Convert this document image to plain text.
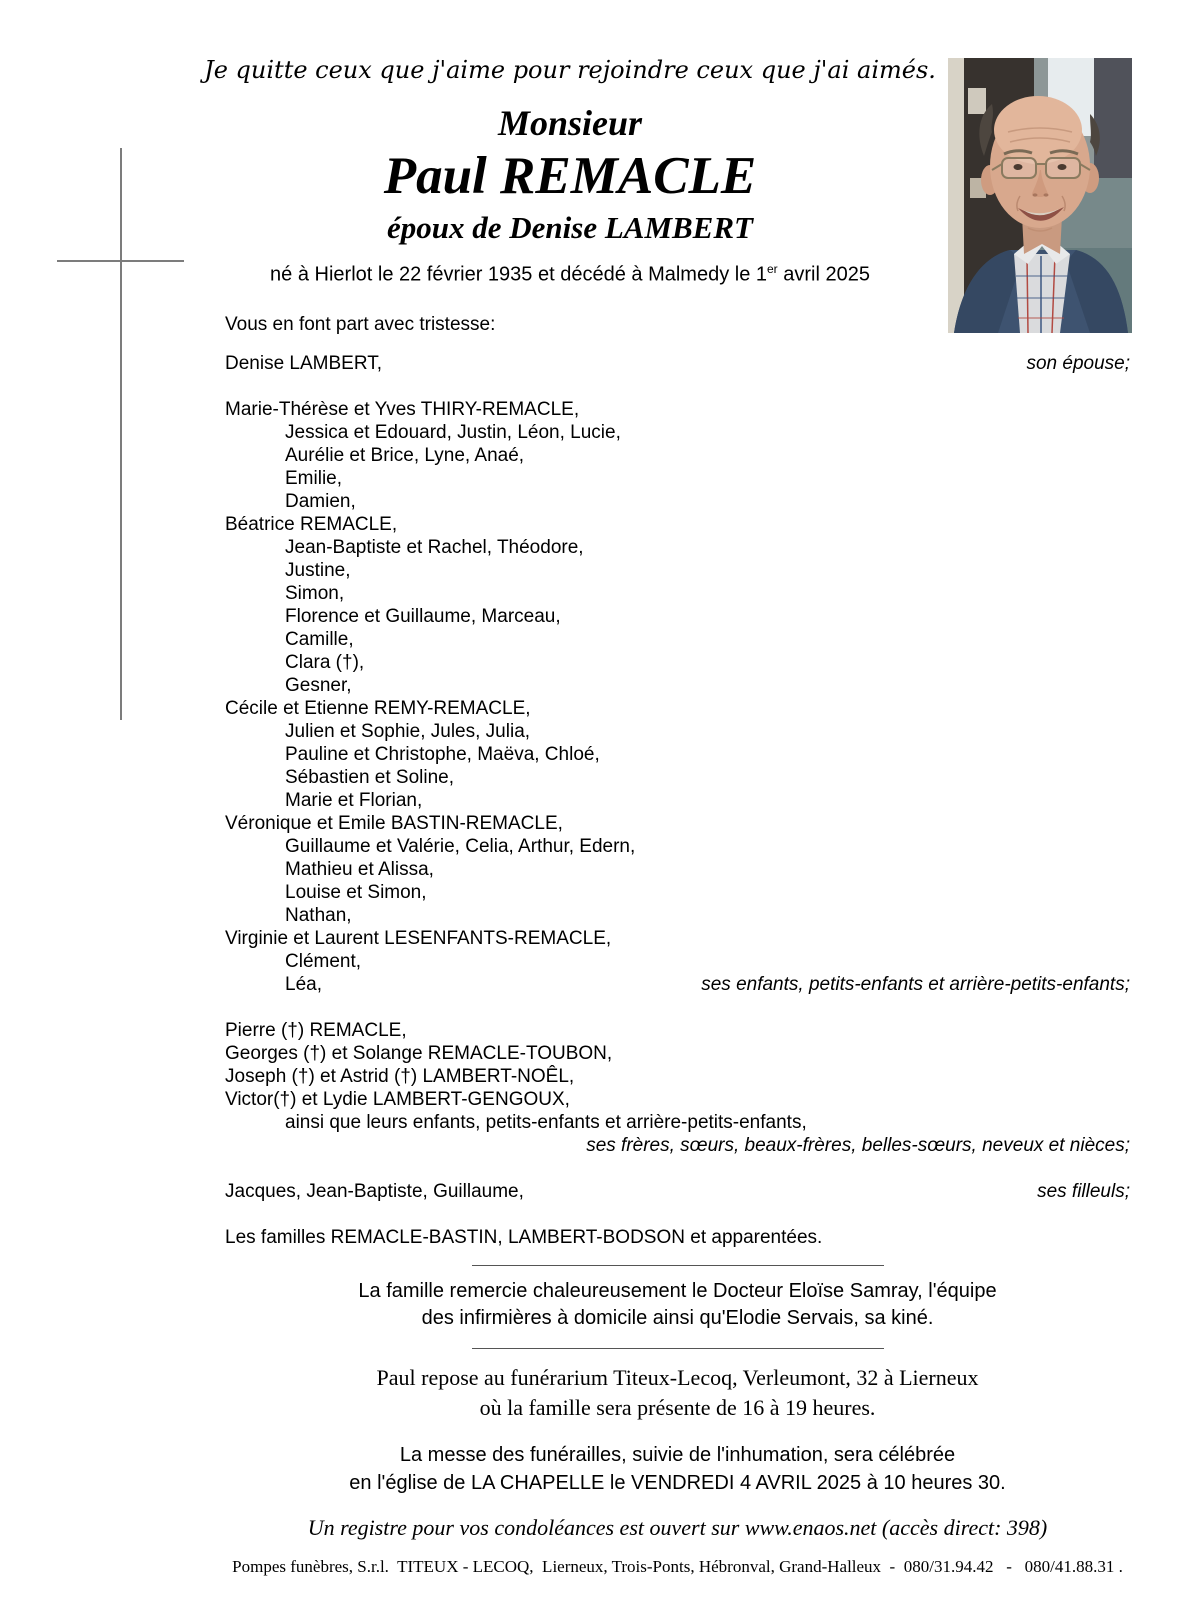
Je quitte ceux que j'aime pour rejoindre ceux que j'ai aimés.
Monsieur
Paul REMACLE
époux de Denise LAMBERT
né à Hierlot le 22 février 1935 et décédé à Malmedy le 1er avril 2025
Vous en font part avec tristesse:
Denise LAMBERT,	son épouse;
Marie-Thérèse et Yves THIRY-REMACLE,
Jessica et Edouard, Justin, Léon, Lucie,
Aurélie et Brice, Lyne, Anaé,
Emilie,
Damien,
Béatrice REMACLE,
Jean-Baptiste et Rachel, Théodore,
Justine,
Simon,
Florence et Guillaume, Marceau,
Camille,
Clara (†),
Gesner,
Cécile et Etienne REMY-REMACLE,
Julien et Sophie, Jules, Julia,
Pauline et Christophe, Maëva, Chloé,
Sébastien et Soline,
Marie et Florian,
Véronique et Emile BASTIN-REMACLE,
Guillaume et Valérie, Celia, Arthur, Edern,
Mathieu et Alissa,
Louise et Simon,
Nathan,
Virginie et Laurent LESENFANTS-REMACLE,
Clément,
Léa,	ses enfants, petits-enfants et arrière-petits-enfants;
Pierre (†) REMACLE,
Georges (†) et Solange REMACLE-TOUBON,
Joseph (†) et Astrid (†) LAMBERT-NOÊL,
Victor(†) et Lydie LAMBERT-GENGOUX,
ainsi que leurs enfants, petits-enfants et arrière-petits-enfants,
ses frères, sœurs, beaux-frères, belles-sœurs, neveux et nièces;
Jacques, Jean-Baptiste, Guillaume,	ses filleuls;
Les familles REMACLE-BASTIN, LAMBERT-BODSON et apparentées.
La famille remercie chaleureusement le Docteur Eloïse Samray, l'équipe
des infirmières à domicile ainsi qu'Elodie Servais, sa kiné.
Paul repose au funérarium Titeux-Lecoq, Verleumont, 32 à Lierneux
où la famille sera présente de 16 à 19 heures.
La messe des funérailles, suivie de l'inhumation, sera célébrée
en l'église de LA CHAPELLE le VENDREDI 4 AVRIL 2025 à 10 heures 30.
Un registre pour vos condoléances est ouvert sur www.enaos.net (accès direct: 398)
Pompes funèbres, S.r.l.  TITEUX - LECOQ,  Lierneux, Trois-Ponts, Hébronval, Grand-Halleux  -  080/31.94.42   -   080/41.88.31 .
